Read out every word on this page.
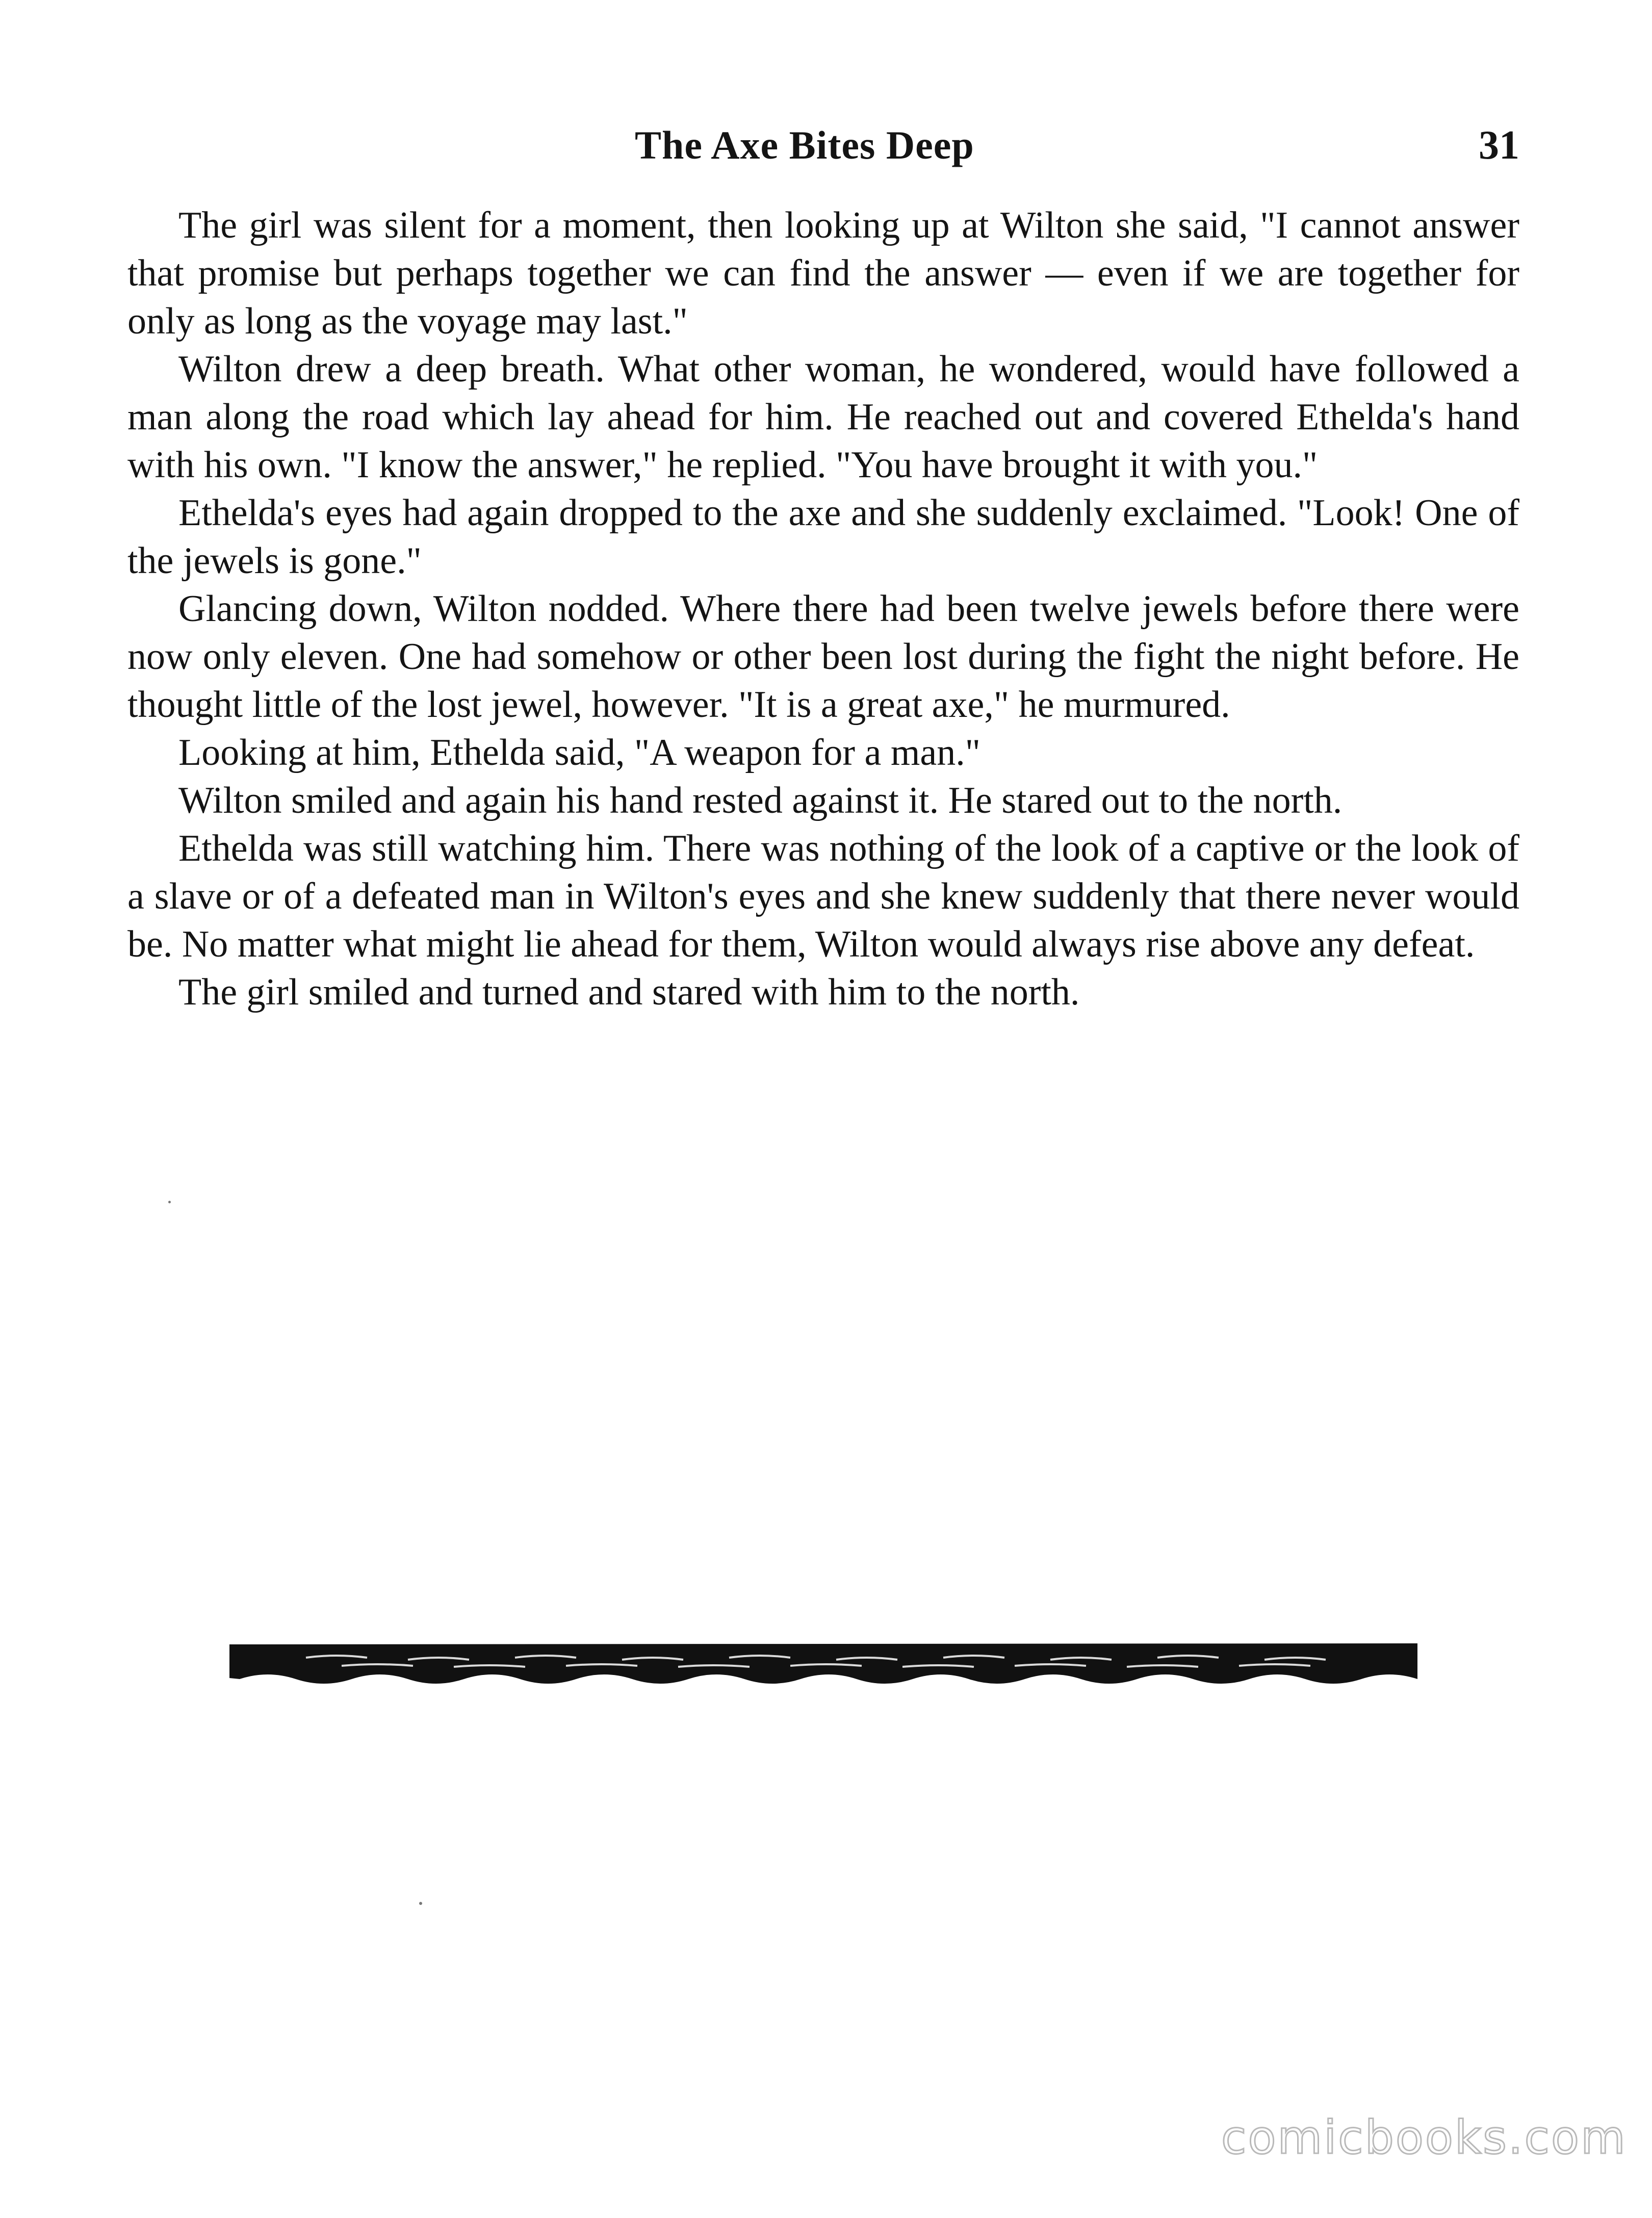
The Axe Bites Deep	31

The girl was silent for a moment, then looking up at Wilton she said, "I cannot answer that promise but perhaps together we can find the answer — even if we are together for only as long as the voyage may last."

Wilton drew a deep breath. What other woman, he wondered, would have followed a man along the road which lay ahead for him. He reached out and covered Ethelda's hand with his own. "I know the answer," he replied. "You have brought it with you."

Ethelda's eyes had again dropped to the axe and she suddenly exclaimed. "Look! One of the jewels is gone."

Glancing down, Wilton nodded. Where there had been twelve jewels before there were now only eleven. One had somehow or other been lost during the fight the night before. He thought little of the lost jewel, however. "It is a great axe," he murmured.

Looking at him, Ethelda said, "A weapon for a man."

Wilton smiled and again his hand rested against it. He stared out to the north.

Ethelda was still watching him. There was nothing of the look of a captive or the look of a slave or of a defeated man in Wilton's eyes and she knew suddenly that there never would be. No matter what might lie ahead for them, Wilton would always rise above any defeat.

The girl smiled and turned and stared with him to the north.

comicbooks.com
